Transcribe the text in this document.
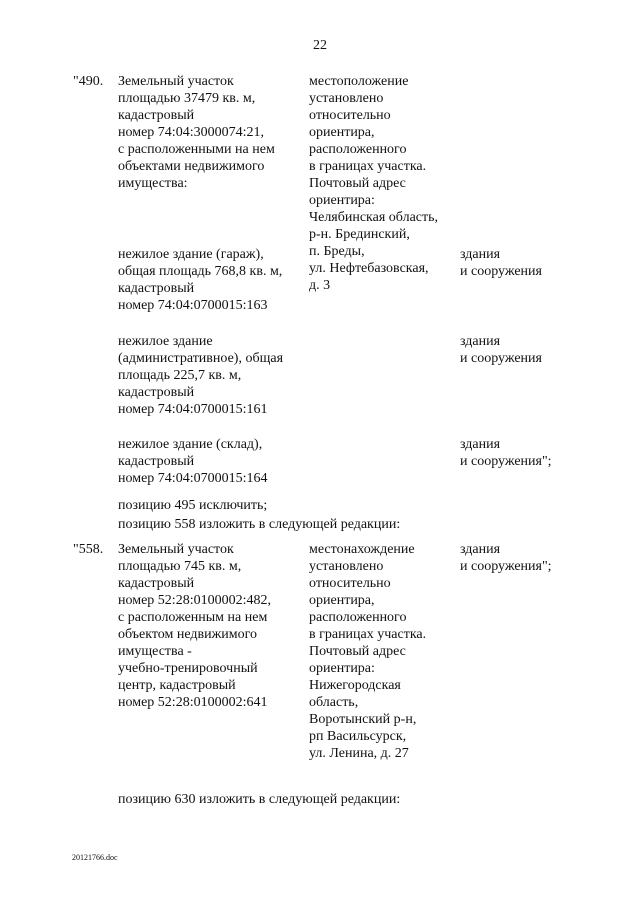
22
"490. Земельный участок
площадью 37479 кв. м,
кадастровый
номер 74:04:3000074:21,
с расположенными на нем
объектами недвижимого
имущества:
местоположение
установлено
относительно
ориентира,
расположенного
в границах участка.
Почтовый адрес
ориентира:
Челябинская область,
р-н. Брединский,
п. Бреды,
ул. Нефтебазовская,
д. 3
нежилое здание (гараж),
общая площадь 768,8 кв. м,
кадастровый
номер 74:04:0700015:163
здания
и сооружения
нежилое здание
(административное), общая
площадь 225,7 кв. м,
кадастровый
номер 74:04:0700015:161
здания
и сооружения
нежилое здание (склад),
кадастровый
номер 74:04:0700015:164
здания
и сооружения";
позицию 495 исключить;
позицию 558 изложить в следующей редакции:
"558. Земельный участок
площадью 745 кв. м,
кадастровый
номер 52:28:0100002:482,
с расположенным на нем
объектом недвижимого
имущества -
учебно-тренировочный
центр, кадастровый
номер 52:28:0100002:641
местонахождение
установлено
относительно
ориентира,
расположенного
в границах участка.
Почтовый адрес
ориентира:
Нижегородская
область,
Воротынский р-н,
рп Васильсурск,
ул. Ленина, д. 27
здания
и сооружения";
позицию 630 изложить в следующей редакции:
20121766.doc
